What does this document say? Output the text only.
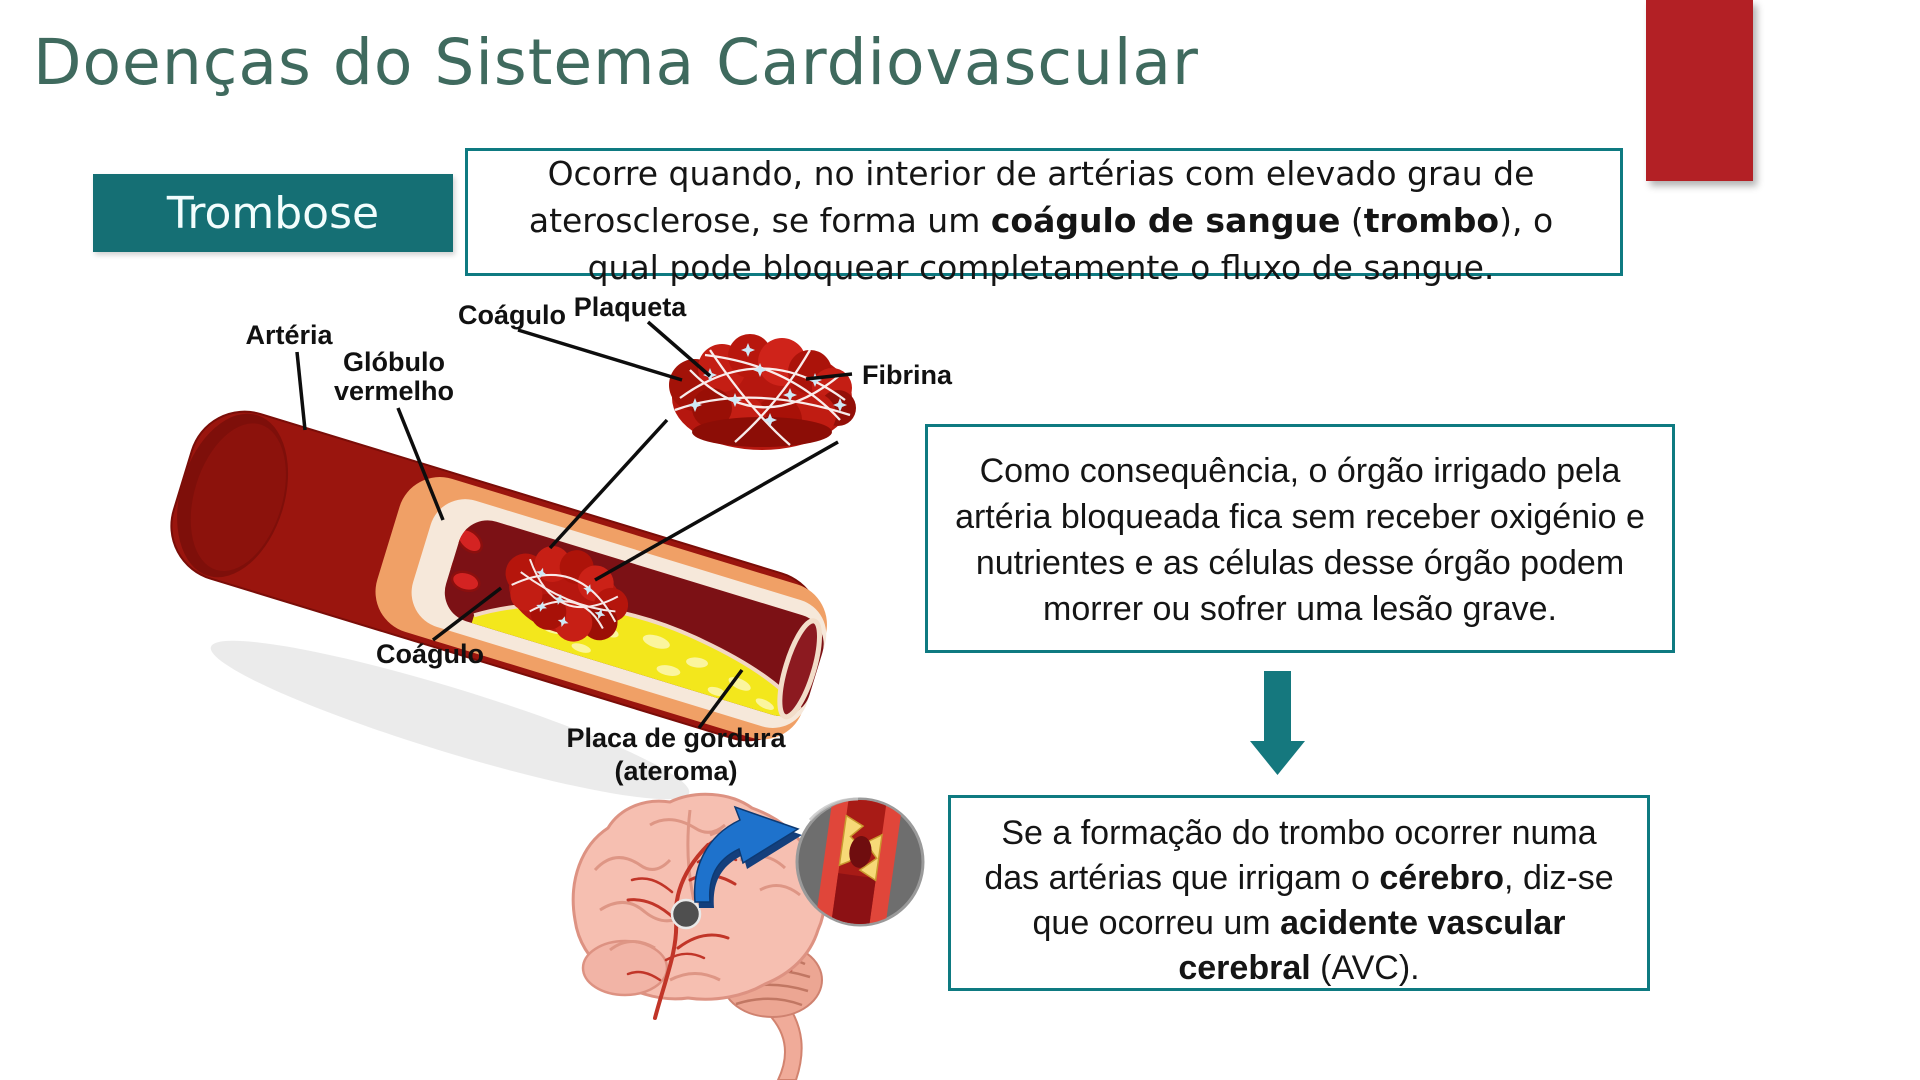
Doenças do Sistema Cardiovascular
Trombose
Ocorre quando, no interior de artérias com elevado grau de
aterosclerose, se forma um coágulo de sangue (trombo), o
qual pode bloquear completamente o fluxo de sangue.
Como consequência, o órgão irrigado pela
artéria bloqueada fica sem receber oxigénio e
nutrientes e as células desse órgão podem
morrer ou sofrer uma lesão grave.
Se a formação do trombo ocorrer numa
das artérias que irrigam o cérebro, diz-se
que ocorreu um acidente vascular
cerebral (AVC).
Artéria
Glóbulo
vermelho
Coágulo Plaqueta
Fibrina
Coágulo
Placa de gordura
(ateroma)
